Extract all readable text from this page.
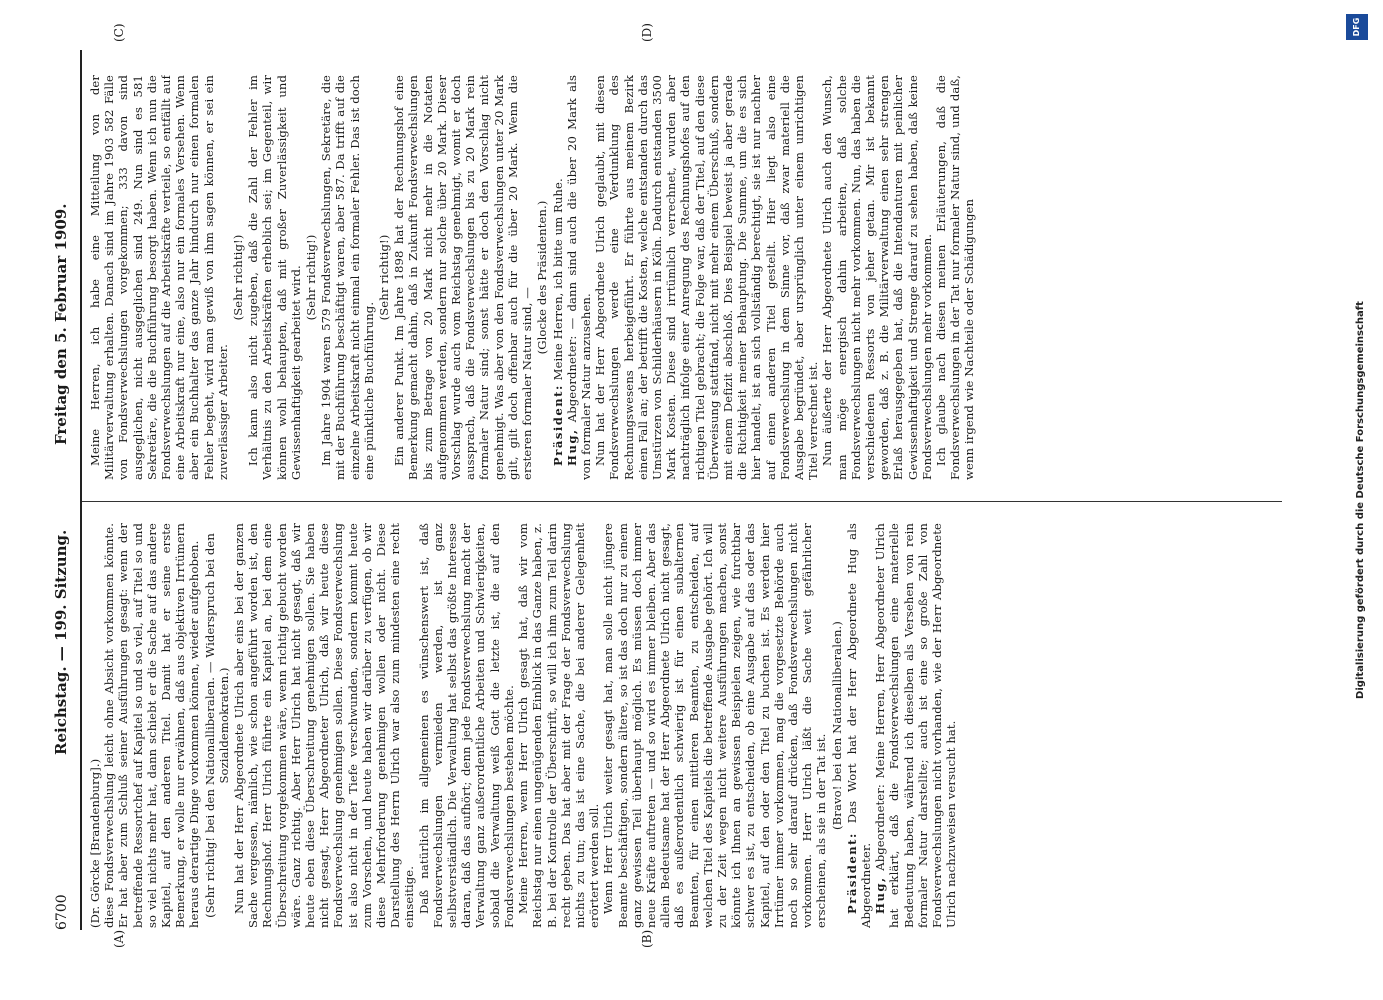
6700
Reichstag. — 199. Sitzung.
Freitag den 5. Februar 1909.
(A)	(B)
(C)	(D)

(Dr. Görcke [Brandenburg].) diese Fondsverwechslung leicht ohne Absicht vorkommen könnte. Er hat aber zum Schluß seiner Ausführungen gesagt: wenn der betreffende Ressortchef auf Kapitel so und so viel, auf Titel so und so viel nichts mehr hat, dann schiebt er die Sache auf das andere Kapitel, auf den anderen Titel. Damit hat er seine erste Bemerkung, er wolle nur erwähnen, daß aus objektiven Irrtümern heraus derartige Dinge vorkommen können, wieder aufgehoben. (Sehr richtig! bei den Nationalliberalen. — Widerspruch bei den Sozialdemokraten.) Nun hat der Herr Abgeordnete Ulrich aber eins bei der ganzen Sache vergessen, nämlich, wie schon angeführt worden ist, den Rechnungshof. Herr Ulrich führte ein Kapitel an, bei dem eine Überschreitung vorgekommen wäre, wenn richtig gebucht worden wäre. Ganz richtig. Aber Herr Ulrich hat nicht gesagt, daß wir heute eben diese Überschreitung genehmigen sollen. Sie haben nicht gesagt, Herr Abgeordneter Ulrich, daß wir heute diese Fondsverwechslung genehmigen sollen. Diese Fondsverwechslung ist also nicht in der Tiefe verschwunden, sondern kommt heute zum Vorschein, und heute haben wir darüber zu verfügen, ob wir diese Mehrforderung genehmigen wollen oder nicht. Diese Darstellung des Herrn Ulrich war also zum mindesten eine recht einseitige. Daß natürlich im allgemeinen es wünschenswert ist, daß Fondsverwechslungen vermieden werden, ist ganz selbstverständlich. Die Verwaltung hat selbst das größte Interesse daran, daß das aufhört; denn jede Fondsverwechslung macht der Verwaltung ganz außerordentliche Arbeiten und Schwierigkeiten, sobald die Verwaltung weiß Gott die letzte ist, die auf den Fondsverwechslungen bestehen möchte. Meine Herren, wenn Herr Ulrich gesagt hat, daß wir vom Reichstag nur einen ungenügenden Einblick in das Ganze haben, z. B. bei der Kontrolle der Überschrift, so will ich ihm zum Teil darin recht geben. Das hat aber mit der Frage der Fondsverwechslung nichts zu tun; das ist eine Sache, die bei anderer Gelegenheit erörtert werden soll. Wenn Herr Ulrich weiter gesagt hat, man solle nicht jüngere Beamte beschäftigen, sondern ältere, so ist das doch nur zu einem ganz gewissen Teil überhaupt möglich. Es müssen doch immer neue Kräfte auftreten — und so wird es immer bleiben. Aber das allein Bedeutsame hat der Herr Abgeordnete Ulrich nicht gesagt, daß es außerordentlich schwierig ist für einen subalternen Beamten, für einen mittleren Beamten, zu entscheiden, auf welchen Titel des Kapitels die betreffende Ausgabe gehört. Ich will zu der Zeit wegen nicht weitere Ausführungen machen, sonst könnte ich Ihnen an gewissen Beispielen zeigen, wie furchtbar schwer es ist, zu entscheiden, ob eine Ausgabe auf das oder das Kapitel, auf den oder den Titel zu buchen ist. Es werden hier Irrtümer immer vorkommen, mag die vorgesetzte Behörde auch noch so sehr darauf drücken, daß Fondsverwechslungen nicht vorkommen. Herr Ulrich läßt die Sache weit gefährlicher erscheinen, als sie in der Tat ist.

(Bravo! bei den Nationalliberalen.)

Präsident: Das Wort hat der Herr Abgeordnete Hug als Abgeordneter. Hug, Abgeordneter: Meine Herren, Herr Abgeordneter Ulrich hat erklärt, daß die Fondsverwechslungen eine materielle Bedeutung haben, während ich dieselben als Versehen von rein formaler Natur darstellte; auch ist eine so große Zahl von Fondsverwechslungen nicht vorhanden, wie der Herr Abgeordnete Ulrich nachzuweisen versucht hat.

Meine Herren, ich habe eine Mitteilung von der Militärverwaltung erhalten. Danach sind im Jahre 1903 582 Fälle von Fondsverwechslungen vorgekommen; 333 davon sind ausgeglichen, nicht ausgeglichen sind 249. Nun sind es 581 Sekretäre, die die Buchführung besorgt haben. Wenn ich nun die Fondsverwechslungen auf die Arbeitskräfte verteile, so entfällt auf eine Arbeitskraft nur eine, also nur ein formales Versehen. Wenn aber ein Buchhalter das ganze Jahr hindurch nur einen formalen Fehler begeht, wird man gewiß von ihm sagen können, er sei ein zuverlässiger Arbeiter.

(Sehr richtig!) Ich kann also nicht zugeben, daß die Zahl der Fehler im Verhältnis zu den Arbeitskräften erheblich sei; im Gegenteil, wir können wohl behaupten, daß mit großer Zuverlässigkeit und Gewissenhaftigkeit gearbeitet wird. (Sehr richtig!) Im Jahre 1904 waren 579 Fondsverwechslungen, Sekretäre, die mit der Buchführung beschäftigt waren, aber 587. Da trifft auf die einzelne Arbeitskraft nicht einmal ein formaler Fehler. Das ist doch eine pünktliche Buchführung.

(Sehr richtig!) Ein anderer Punkt. Im Jahre 1898 hat der Rechnungshof eine Bemerkung gemacht dahin, daß in Zukunft Fondsverwechslungen bis zum Betrage von 20 Mark nicht mehr in die Notaten aufgenommen werden, sondern nur solche über 20 Mark. Dieser Vorschlag wurde auch vom Reichstag genehmigt, womit er doch aussprach, daß die Fondsverwechslungen bis zu 20 Mark rein formaler Natur sind; sonst hätte er doch den Vorschlag nicht genehmigt. Was aber von den Fondsverwechslungen unter 20 Mark gilt, gilt doch offenbar auch für die über 20 Mark. Wenn die ersteren formaler Natur sind, —

(Glocke des Präsidenten.)

Präsident: Meine Herren, ich bitte um Ruhe.

Hug, Abgeordneter: — dann sind auch die über 20 Mark als von formaler Natur anzusehen. Nun hat der Herr Abgeordnete Ulrich geglaubt, mit diesen Fondsverwechslungen werde eine Verdunklung des Rechnungswesens herbeigeführt. Er führte aus meinem Bezirk einen Fall an; der betrifft die Kosten, welche entstanden durch das Umstürzen von Schilderhäusern in Köln. Dadurch entstanden 3500 Mark Kosten. Diese sind irrtümlich verrechnet, wurden aber nachträglich infolge einer Anregung des Rechnungshofes auf den richtigen Titel gebracht; die Folge war, daß der Titel, auf den diese Überweisung stattfand, nicht mit mehr einem Überschuß, sondern mit einem Defizit abschloß. Dies Beispiel beweist ja aber gerade die Richtigkeit meiner Behauptung. Die Summe, um die es sich hier handelt, ist an sich vollständig berechtigt, sie ist nur nachher auf einen anderen Titel gestellt. Hier liegt also eine Fondsverwechslung in dem Sinne vor, daß zwar materiell die Ausgabe begründet, aber ursprünglich unter einem unrichtigen Titel verrechnet ist. Nun äußerte der Herr Abgeordnete Ulrich auch den Wunsch, man möge energisch dahin arbeiten, daß solche Fondsverwechslungen nicht mehr vorkommen. Nun, das haben die verschiedenen Ressorts von jeher getan. Mir ist bekannt geworden, daß z. B. die Militärverwaltung einen sehr strengen Erlaß herausgegeben hat, daß die Intendanturen mit peinlicher Gewissenhaftigkeit und Strenge darauf zu sehen haben, daß keine Fondsverwechslungen mehr vorkommen. Ich glaube nach diesen meinen Erläuterungen, daß die Fondsverwechslungen in der Tat nur formaler Natur sind, und daß, wenn irgend wie Nachteile oder Schädigungen	Digitalisierung gefördert durch die Deutsche Forschungsgemeinschaft
DFG
